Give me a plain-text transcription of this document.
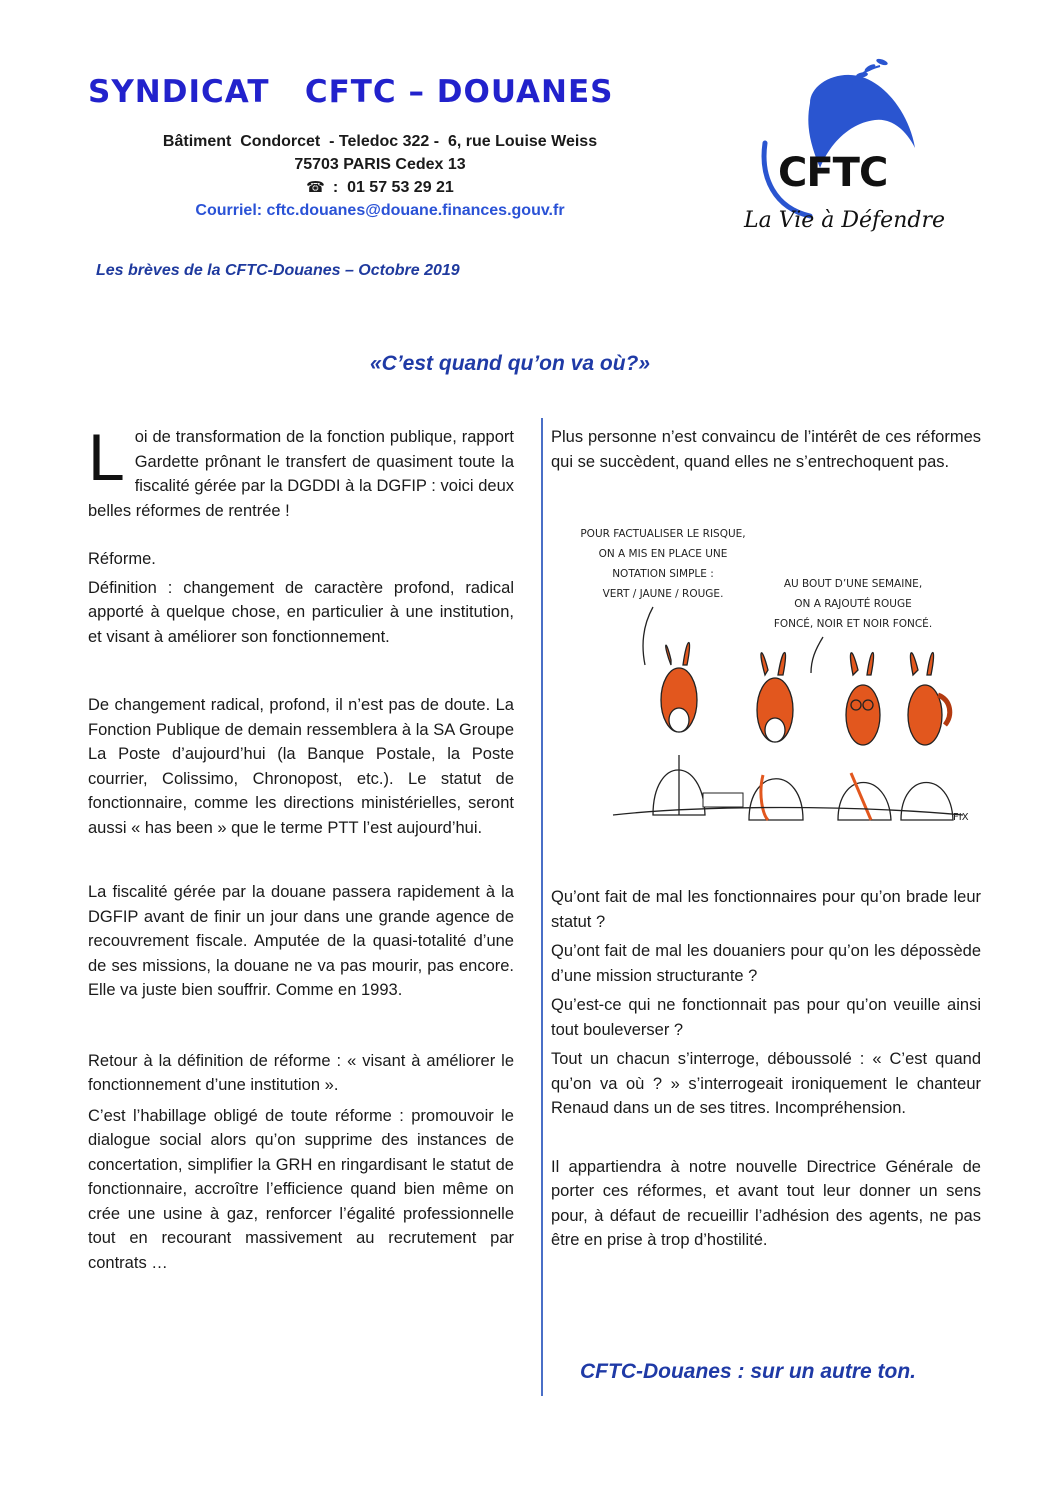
SYNDICAT   CFTC – DOUANES
Bâtiment  Condorcet  - Teledoc 322 -  6, rue Louise Weiss
75703 PARIS Cedex 13
☎ :  01 57 53 29 21
Courriel: cftc.douanes@douane.finances.gouv.fr
CFTC
La Vie à Défendre
Les brèves de la CFTC-Douanes – Octobre 2019
«C’est quand qu’on va où?»

Loi de transformation de la fonction publique, rapport Gardette prônant le transfert de quasiment toute la fiscalité gérée par la DGDDI à la DGFIP : voici deux belles réformes de rentrée !

Réforme.

Définition : changement de caractère profond, radical apporté à quelque chose, en particulier à une institution, et visant à améliorer son fonctionnement.

De changement radical, profond, il n’est pas de doute. La Fonction Publique de demain ressemblera à la SA Groupe La Poste d’aujourd’hui (la Banque Postale, la Poste courrier, Colissimo, Chronopost, etc.). Le statut de fonctionnaire, comme les directions ministérielles, seront aussi « has been » que le terme PTT l’est aujourd’hui.

La fiscalité gérée par la douane passera rapidement à la DGFIP avant de finir un jour dans une grande agence de recouvrement fiscale. Amputée de la quasi-totalité d’une de ses missions, la douane ne va pas mourir, pas encore. Elle va juste bien souffrir. Comme en 1993.

Retour à la définition de réforme : « visant à améliorer le fonctionnement d’une institution ».

C’est l’habillage obligé de toute réforme : promouvoir le dialogue social alors qu’on supprime des instances de concertation, simplifier la GRH en ringardisant le statut de fonctionnaire, accroître l’efficience quand bien même on crée une usine à gaz, renforcer l’égalité professionnelle tout en recourant massivement au recrutement par contrats …

Plus personne n’est convaincu de l’intérêt de ces réformes qui se succèdent, quand elles ne s’entrechoquent pas.

POUR FACTUALISER LE RISQUE,
ON A MIS EN PLACE UNE
NOTATION SIMPLE :
VERT / JAUNE / ROUGE.
AU BOUT D’UNE SEMAINE,
ON A RAJOUTÉ ROUGE
FONCÉ, NOIR ET NOIR FONCÉ.
FIX

Qu’ont fait de mal les fonctionnaires pour qu’on brade leur statut ?

Qu’ont fait de mal les douaniers pour qu’on les dépossède d’une mission structurante ?

Qu’est-ce qui ne fonctionnait pas pour qu’on veuille ainsi tout bouleverser ?

Tout un chacun s’interroge, déboussolé : « C’est quand qu’on va où ? » s’interrogeait ironiquement le chanteur Renaud dans un de ses titres. Incompréhension.

Il appartiendra à notre nouvelle Directrice Générale de porter ces réformes, et avant tout leur donner un sens pour, à défaut de recueillir l’adhésion des agents, ne pas être en prise à trop d’hostilité.

CFTC-Douanes : sur un autre ton.
